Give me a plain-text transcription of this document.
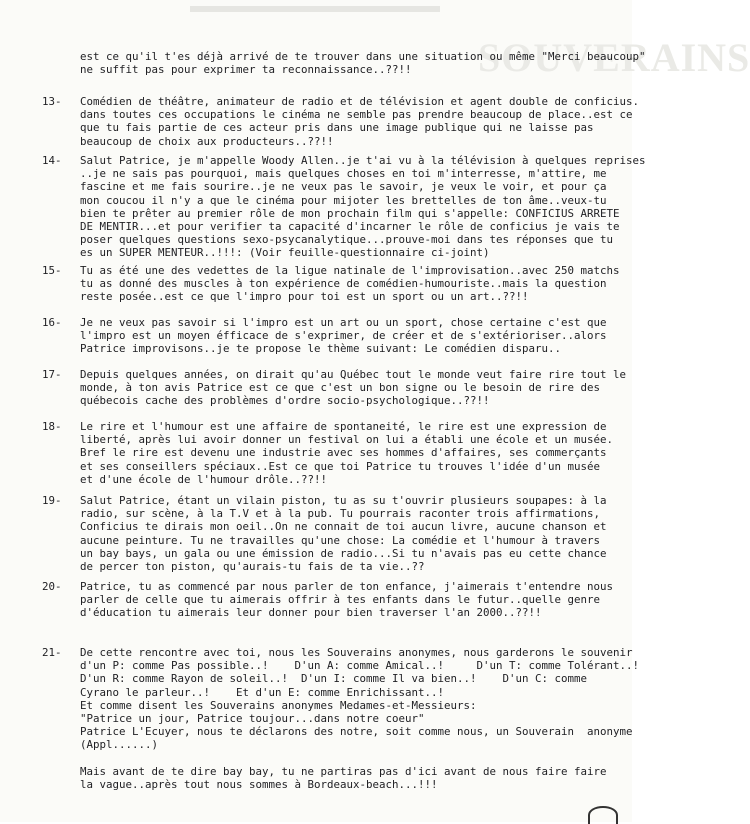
SOUVERAINS
est ce qu'il t'es déjà arrivé de te trouver dans une situation ou même "Merci beaucoup"
ne suffit pas pour exprimer ta reconnaissance..??!!
13-	Comédien de théâtre, animateur de radio et de télévision et agent double de conficius.
dans toutes ces occupations le cinéma ne semble pas prendre beaucoup de place..est ce
que tu fais partie de ces acteur pris dans une image publique qui ne laisse pas
beaucoup de choix aux producteurs..??!!
14-	Salut Patrice, je m'appelle Woody Allen..je t'ai vu à la télévision à quelques reprises
..je ne sais pas pourquoi, mais quelques choses en toi m'interresse, m'attire, me
fascine et me fais sourire..je ne veux pas le savoir, je veux le voir, et pour ça
mon coucou il n'y a que le cinéma pour mijoter les brettelles de ton âme..veux-tu
bien te prêter au premier rôle de mon prochain film qui s'appelle: CONFICIUS ARRETE
DE MENTIR...et pour verifier ta capacité d'incarner le rôle de conficius je vais te
poser quelques questions sexo-psycanalytique...prouve-moi dans tes réponses que tu
es un SUPER MENTEUR..!!!: (Voir feuille-questionnaire ci-joint)
15-	Tu as été une des vedettes de la ligue natinale de l'improvisation..avec 250 matchs
tu as donné des muscles à ton expérience de comédien-humouriste..mais la question
reste posée..est ce que l'impro pour toi est un sport ou un art..??!!
16-	Je ne veux pas savoir si l'impro est un art ou un sport, chose certaine c'est que
l'impro est un moyen éfficace de s'exprimer, de créer et de s'extérioriser..alors
Patrice improvisons..je te propose le thème suivant: Le comédien disparu..
17-	Depuis quelques années, on dirait qu'au Québec tout le monde veut faire rire tout le
monde, à ton avis Patrice est ce que c'est un bon signe ou le besoin de rire des
québecois cache des problèmes d'ordre socio-psychologique..??!!
18-	Le rire et l'humour est une affaire de spontaneité, le rire est une expression de
liberté, après lui avoir donner un festival on lui a établi une école et un musée.
Bref le rire est devenu une industrie avec ses hommes d'affaires, ses commerçants
et ses conseillers spéciaux..Est ce que toi Patrice tu trouves l'idée d'un musée
et d'une école de l'humour drôle..??!!
19-	Salut Patrice, étant un vilain piston, tu as su t'ouvrir plusieurs soupapes: à la
radio, sur scène, à la T.V et à la pub. Tu pourrais raconter trois affirmations,
Conficius te dirais mon oeil..On ne connait de toi aucun livre, aucune chanson et
aucune peinture. Tu ne travailles qu'une chose: La comédie et l'humour à travers
un bay bays, un gala ou une émission de radio...Si tu n'avais pas eu cette chance
de percer ton piston, qu'aurais-tu fais de ta vie..??
20-	Patrice, tu as commencé par nous parler de ton enfance, j'aimerais t'entendre nous
parler de celle que tu aimerais offrir à tes enfants dans le futur..quelle genre
d'éducation tu aimerais leur donner pour bien traverser l'an 2000..??!!
21-	De cette rencontre avec toi, nous les Souverains anonymes, nous garderons le souvenir
d'un P: comme Pas possible..!    D'un A: comme Amical..!     D'un T: comme Tolérant..!
D'un R: comme Rayon de soleil..!  D'un I: comme Il va bien..!    D'un C: comme
Cyrano le parleur..!    Et d'un E: comme Enrichissant..!
Et comme disent les Souverains anonymes Medames-et-Messieurs:
"Patrice un jour, Patrice toujour...dans notre coeur"
Patrice L'Ecuyer, nous te déclarons des notre, soit comme nous, un Souverain  anonyme
(Appl......)
Mais avant de te dire bay bay, tu ne partiras pas d'ici avant de nous faire faire
la vague..après tout nous sommes à Bordeaux-beach...!!!
